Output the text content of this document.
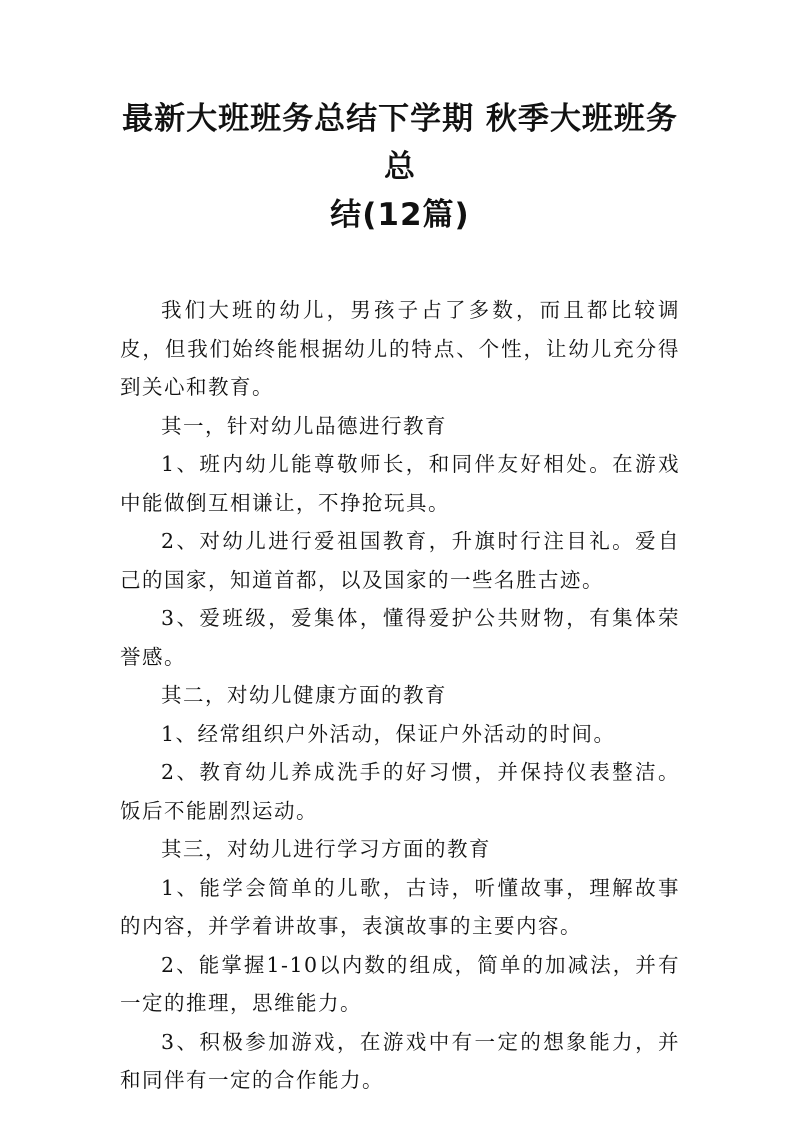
最新大班班务总结下学期 秋季大班班务总
结(12篇)

我们大班的幼儿，男孩子占了多数，而且都比较调皮，但我们始终能根据幼儿的特点、个性，让幼儿充分得到关心和教育。

其一，针对幼儿品德进行教育

1、班内幼儿能尊敬师长，和同伴友好相处。在游戏中能做倒互相谦让，不挣抢玩具。

2、对幼儿进行爱祖国教育，升旗时行注目礼。爱自己的国家，知道首都，以及国家的一些名胜古迹。

3、爱班级，爱集体，懂得爱护公共财物，有集体荣誉感。

其二，对幼儿健康方面的教育

1、经常组织户外活动，保证户外活动的时间。

2、教育幼儿养成洗手的好习惯，并保持仪表整洁。饭后不能剧烈运动。

其三，对幼儿进行学习方面的教育

1、能学会简单的儿歌，古诗，听懂故事，理解故事的内容，并学着讲故事，表演故事的主要内容。

2、能掌握1-10以内数的组成，简单的加减法，并有一定的推理，思维能力。

3、积极参加游戏，在游戏中有一定的想象能力，并和同伴有一定的合作能力。
